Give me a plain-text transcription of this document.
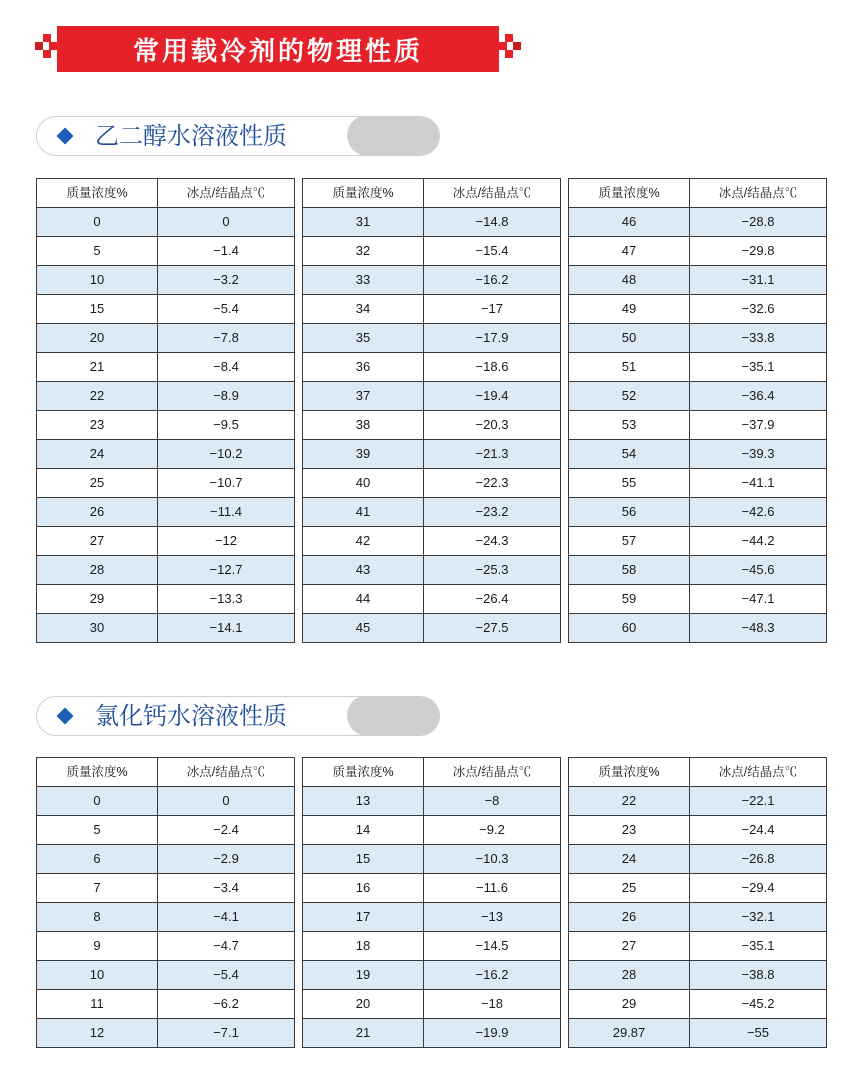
常用载冷剂的物理性质
乙二醇水溶液性质
氯化钙水溶液性质
质量浓度%	冰点/结晶点℃
0	0
5	−1.4
10	−3.2
15	−5.4
20	−7.8
21	−8.4
22	−8.9
23	−9.5
24	−10.2
25	−10.7
26	−11.4
27	−12
28	−12.7
29	−13.3
30	−14.1
质量浓度%	冰点/结晶点℃
31	−14.8
32	−15.4
33	−16.2
34	−17
35	−17.9
36	−18.6
37	−19.4
38	−20.3
39	−21.3
40	−22.3
41	−23.2
42	−24.3
43	−25.3
44	−26.4
45	−27.5
质量浓度%	冰点/结晶点℃
46	−28.8
47	−29.8
48	−31.1
49	−32.6
50	−33.8
51	−35.1
52	−36.4
53	−37.9
54	−39.3
55	−41.1
56	−42.6
57	−44.2
58	−45.6
59	−47.1
60	−48.3
质量浓度%	冰点/结晶点℃
0	0
5	−2.4
6	−2.9
7	−3.4
8	−4.1
9	−4.7
10	−5.4
11	−6.2
12	−7.1
质量浓度%	冰点/结晶点℃
13	−8
14	−9.2
15	−10.3
16	−11.6
17	−13
18	−14.5
19	−16.2
20	−18
21	−19.9
质量浓度%	冰点/结晶点℃
22	−22.1
23	−24.4
24	−26.8
25	−29.4
26	−32.1
27	−35.1
28	−38.8
29	−45.2
29.87	−55
